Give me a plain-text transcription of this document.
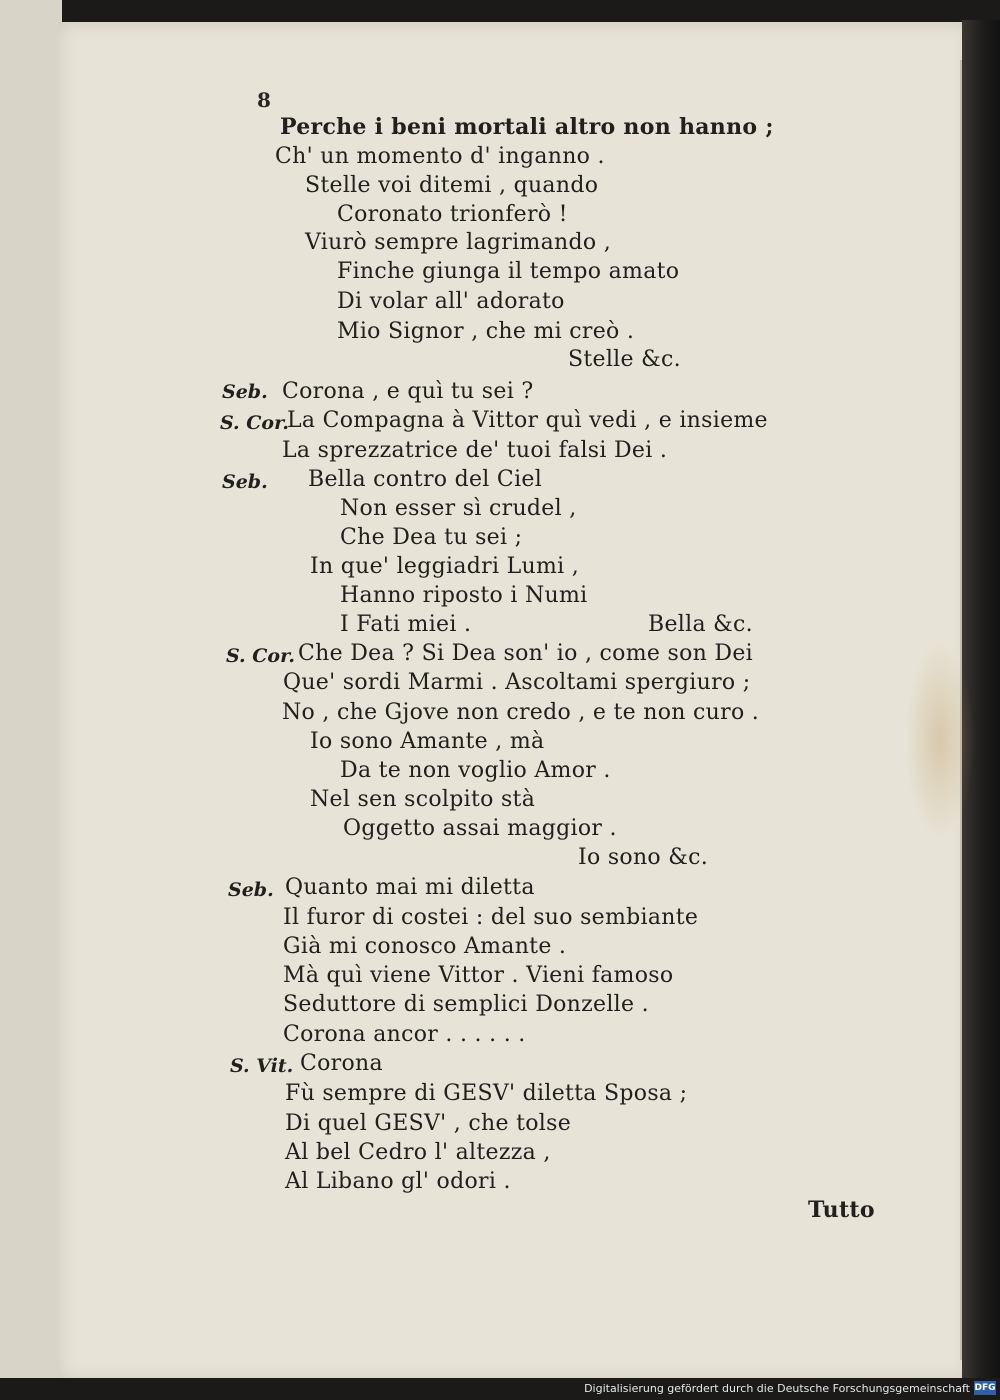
8
Perche i beni mortali altro non hanno ;
Ch' un momento d' inganno .
Stelle voi ditemi , quando
Coronato trionferò !
Viurò sempre lagrimando ,
Finche giunga il tempo amato
Di volar all' adorato
Mio Signor , che mi creò .
Stelle &c.
Seb. Corona , e quì tu sei ?
S. Cor.
La Compagna à Vittor quì vedi , e insieme
La sprezzatrice de' tuoi falsi Dei .
Seb. Bella contro del Ciel
Non esser sì crudel ,
Che Dea tu sei ;
In que' leggiadri Lumi ,
Hanno riposto i Numi
I Fati miei .	Bella &c.
S. Cor. Che Dea ? Si Dea son' io , come son Dei
Que' sordi Marmi . Ascoltami spergiuro ;
No , che Gjove non credo , e te non curo .
Io sono Amante , mà
Da te non voglio Amor .
Nel sen scolpito stà
Oggetto assai maggior .
Io sono &c.
Seb. Quanto mai mi diletta
Il furor di costei : del suo sembiante
Già mi conosco Amante .
Mà quì viene Vittor . Vieni famoso
Seduttore di semplici Donzelle .
Corona ancor . . . . . .
S. Vit. Corona
Fù sempre di GESV' diletta Sposa ;
Di quel GESV' , che tolse
Al bel Cedro l' altezza ,
Al Libano gl' odori .
Tutto
Digitalisierung gefördert durch die Deutsche Forschungsgemeinschaft DFG
